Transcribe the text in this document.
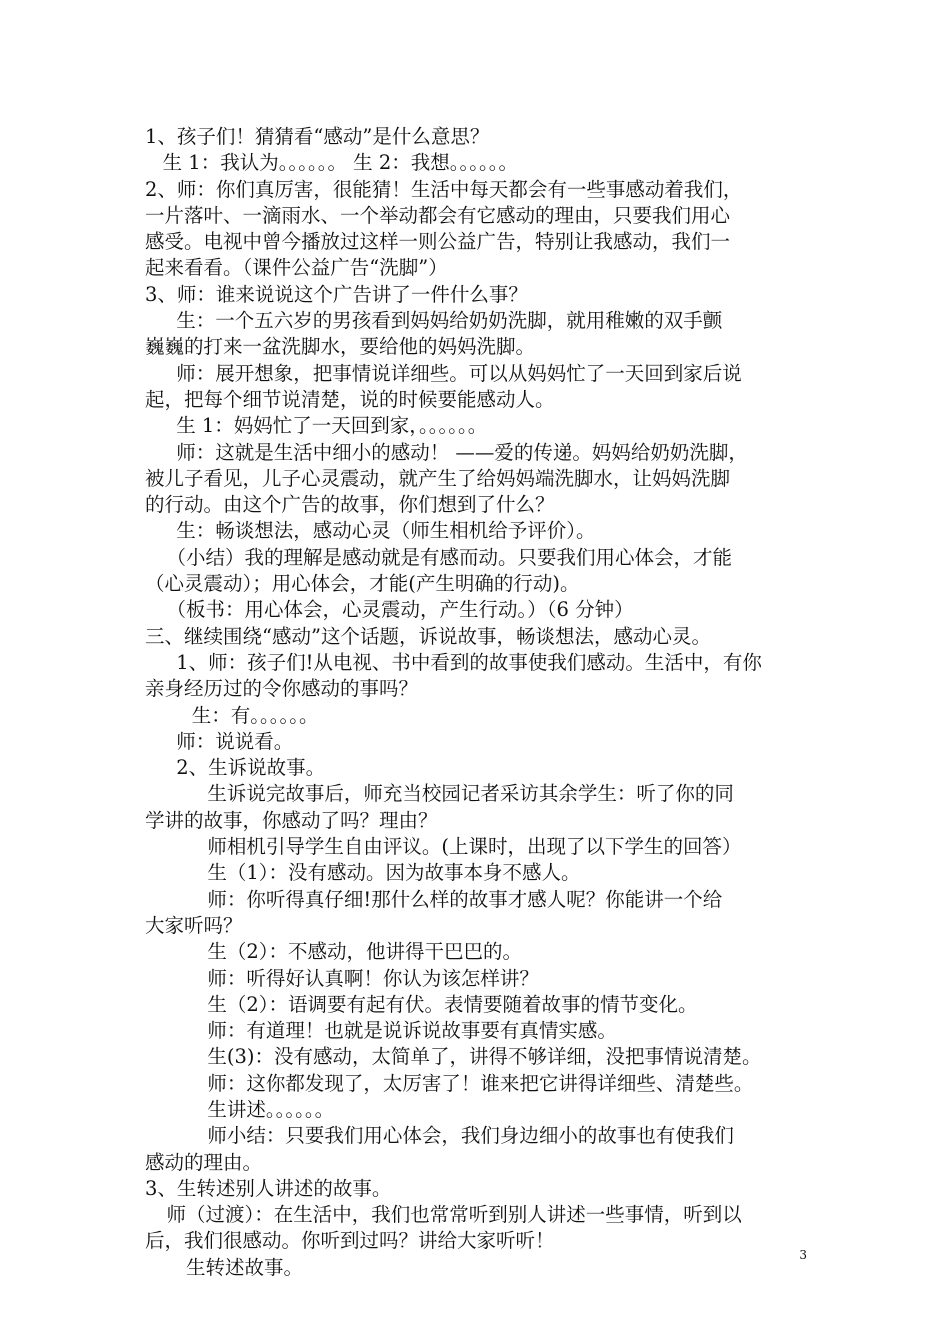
1、孩子们！猜猜看“感动”是什么意思？
生 1：我认为。。。。。。 生 2：我想。。。。。。
2、师：你们真厉害，很能猜！生活中每天都会有一些事感动着我们，
一片落叶、一滴雨水、一个举动都会有它感动的理由，只要我们用心
感受。电视中曾今播放过这样一则公益广告，特别让我感动，我们一
起来看看。（课件公益广告“洗脚”）
3、师：谁来说说这个广告讲了一件什么事？
生：一个五六岁的男孩看到妈妈给奶奶洗脚，就用稚嫩的双手颤
巍巍的打来一盆洗脚水，要给他的妈妈洗脚。
师：展开想象，把事情说详细些。可以从妈妈忙了一天回到家后说
起，把每个细节说清楚，说的时候要能感动人。
生 1：妈妈忙了一天回到家，。。。。。。
师：这就是生活中细小的感动！ ——爱的传递。妈妈给奶奶洗脚，
被儿子看见，儿子心灵震动，就产生了给妈妈端洗脚水，让妈妈洗脚
的行动。由这个广告的故事，你们想到了什么？
生：畅谈想法，感动心灵（师生相机给予评价）。
（小结）我的理解是感动就是有感而动。只要我们用心体会，才能
（心灵震动）；用心体会，才能(产生明确的行动)。
（板书：用心体会，心灵震动，产生行动。）（6 分钟）
三、继续围绕“感动”这个话题，诉说故事，畅谈想法，感动心灵。
1、师：孩子们!从电视、书中看到的故事使我们感动。生活中，有你
亲身经历过的令你感动的事吗？
生：有。。。。。。
师：说说看。
2、生诉说故事。
生诉说完故事后，师充当校园记者采访其余学生：听了你的同
学讲的故事，你感动了吗？理由？
师相机引导学生自由评议。(上课时，出现了以下学生的回答）
生（1）：没有感动。因为故事本身不感人。
师：你听得真仔细!那什么样的故事才感人呢？你能讲一个给
大家听吗？
生（2）：不感动，他讲得干巴巴的。
师：听得好认真啊！你认为该怎样讲？
生（2）：语调要有起有伏。表情要随着故事的情节变化。
师：有道理！也就是说诉说故事要有真情实感。
生(3)：没有感动，太简单了，讲得不够详细，没把事情说清楚。
师：这你都发现了，太厉害了！谁来把它讲得详细些、清楚些。
生讲述。。。。。。
师小结：只要我们用心体会，我们身边细小的故事也有使我们
感动的理由。
3、生转述别人讲述的故事。
师（过渡）：在生活中，我们也常常听到别人讲述一些事情，听到以
后，我们很感动。你听到过吗？讲给大家听听！
生转述故事。
3
